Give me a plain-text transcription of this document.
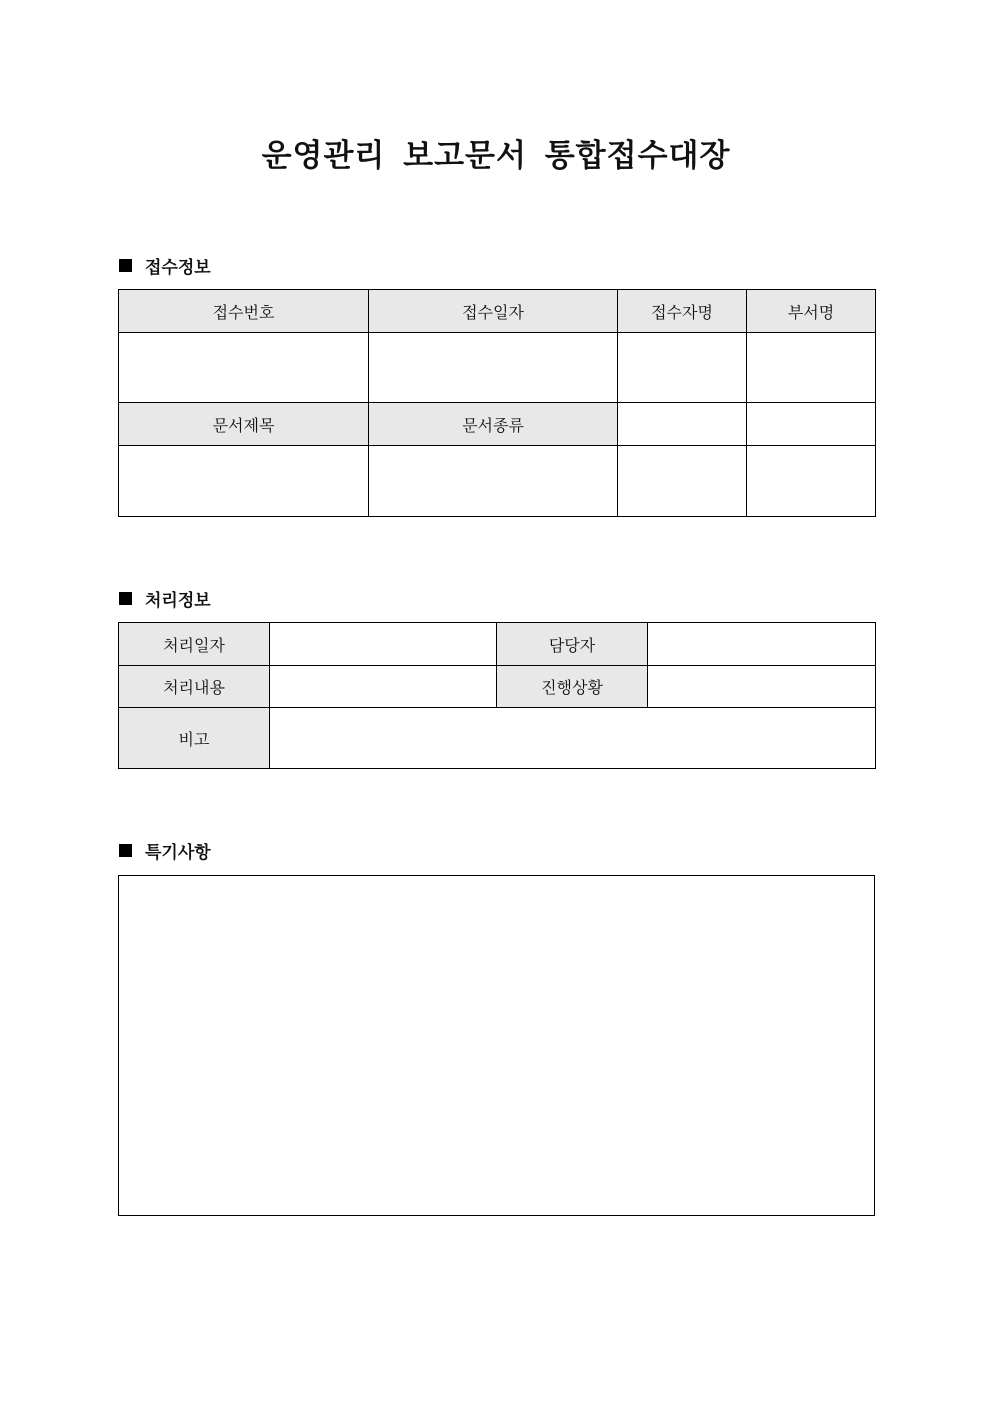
운영관리 보고문서 통합접수대장
접수정보
접수번호	접수일자	접수자명	부서명

문서제목	문서종류		

처리정보
처리일자		담당자	
처리내용		진행상황	
비고			
특기사항
